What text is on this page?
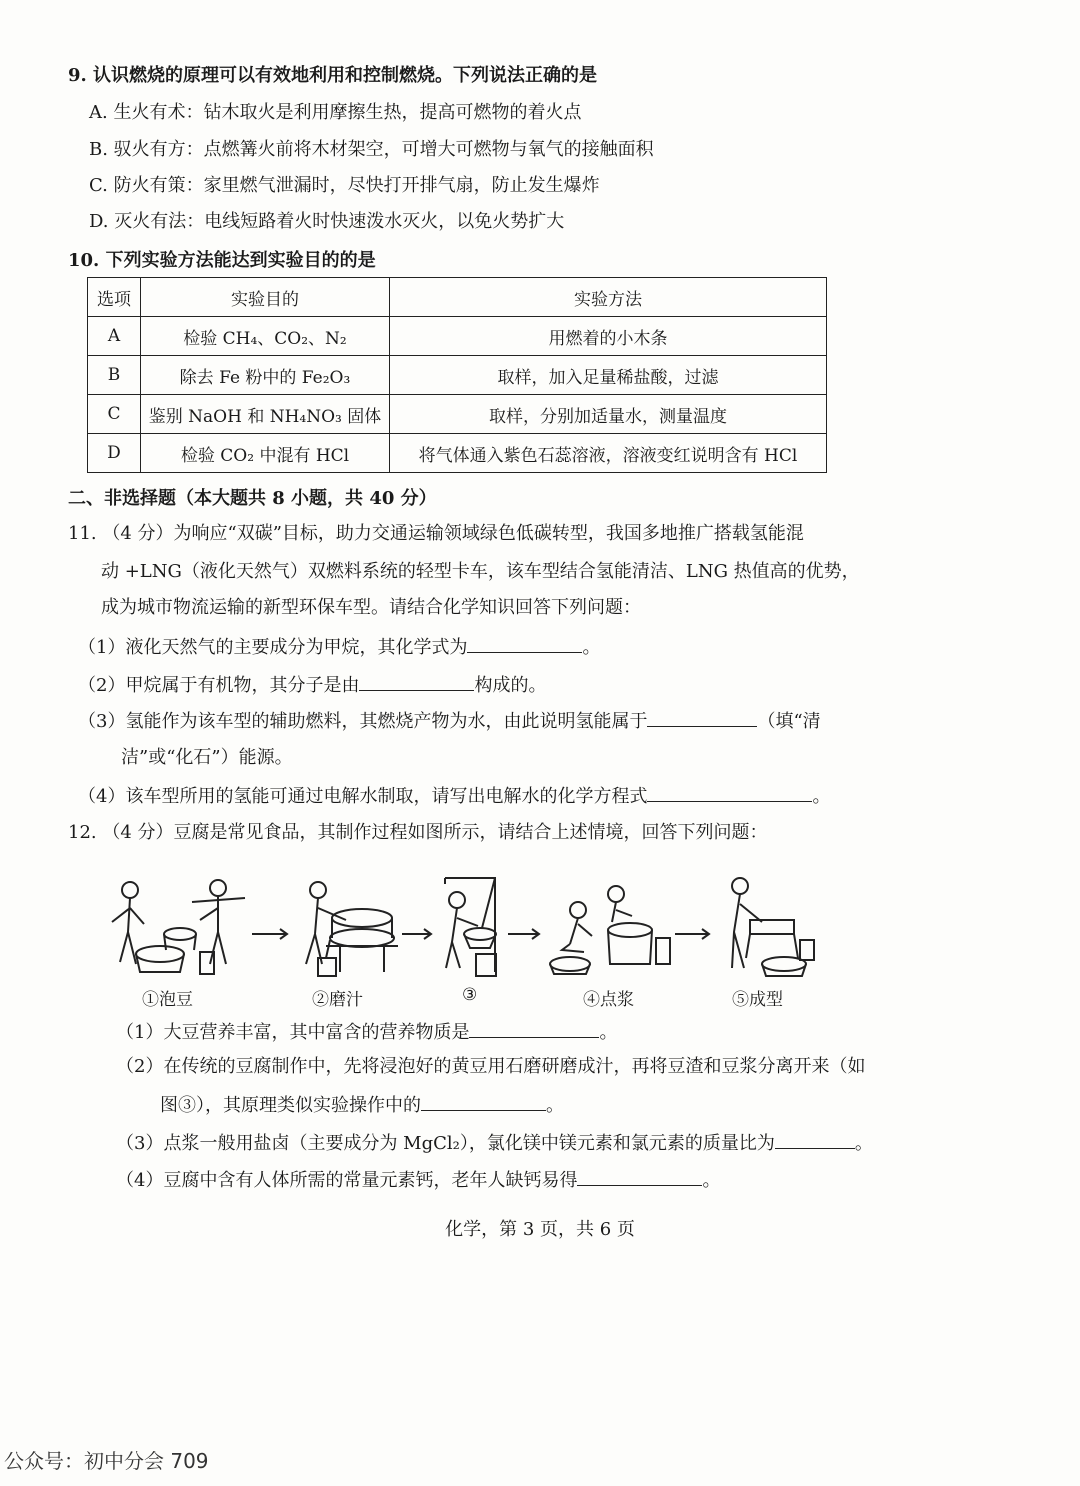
9. 认识燃烧的原理可以有效地利用和控制燃烧。下列说法正确的是
A. 生火有术：钻木取火是利用摩擦生热，提高可燃物的着火点
B. 驭火有方：点燃篝火前将木材架空，可增大可燃物与氧气的接触面积
C. 防火有策：家里燃气泄漏时，尽快打开排气扇，防止发生爆炸
D. 灭火有法：电线短路着火时快速泼水灭火，以免火势扩大
10. 下列实验方法能达到实验目的的是
选项	实验目的	实验方法
A	检验 CH₄、CO₂、N₂	用燃着的小木条
B	除去 Fe 粉中的 Fe₂O₃	取样，加入足量稀盐酸，过滤
C	鉴别 NaOH 和 NH₄NO₃ 固体	取样，分别加适量水，测量温度
D	检验 CO₂ 中混有 HCl	将气体通入紫色石蕊溶液，溶液变红说明含有 HCl
二、非选择题（本大题共 8 小题，共 40 分）
11. （4 分）为响应“双碳”目标，助力交通运输领域绿色低碳转型，我国多地推广搭载氢能混
动 +LNG（液化天然气）双燃料系统的轻型卡车，该车型结合氢能清洁、LNG 热值高的优势，
成为城市物流运输的新型环保车型。请结合化学知识回答下列问题：
（1）液化天然气的主要成分为甲烷，其化学式为	。
（2）甲烷属于有机物，其分子是由	构成的。
（3）氢能作为该车型的辅助燃料，其燃烧产物为水，由此说明氢能属于	（填“清
洁”或“化石”）能源。
（4）该车型所用的氢能可通过电解水制取，请写出电解水的化学方程式	。
12. （4 分）豆腐是常见食品，其制作过程如图所示，请结合上述情境，回答下列问题：
①泡豆	②磨汁	③	④点浆	⑤成型
（1）大豆营养丰富，其中富含的营养物质是	。
（2）在传统的豆腐制作中，先将浸泡好的黄豆用石磨研磨成汁，再将豆渣和豆浆分离开来（如
图③），其原理类似实验操作中的	。
（3）点浆一般用盐卤（主要成分为 MgCl₂），氯化镁中镁元素和氯元素的质量比为	。
（4）豆腐中含有人体所需的常量元素钙，老年人缺钙易得	。
化学，第 3 页，共 6 页
公众号：初中分会 709
